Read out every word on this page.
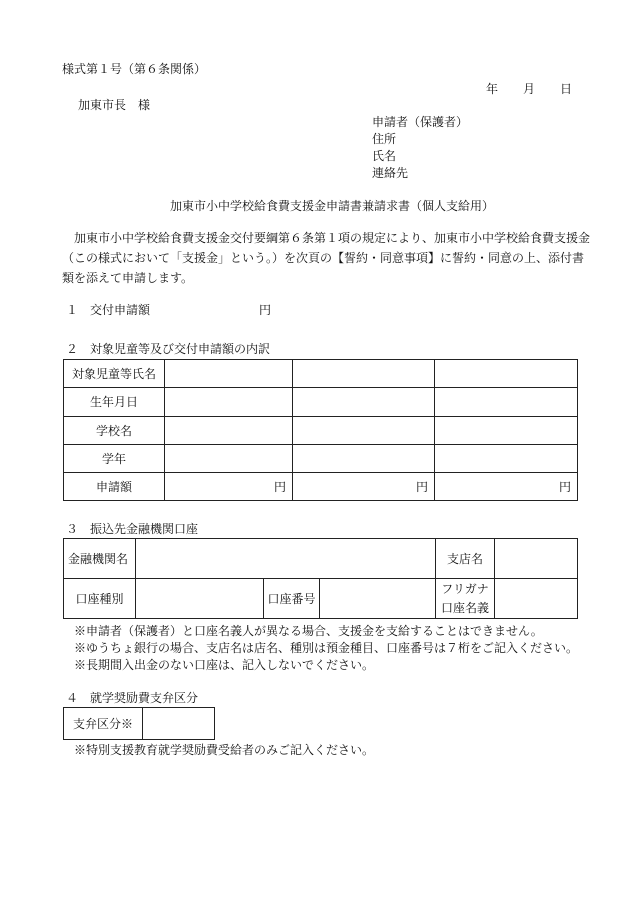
様式第１号（第６条関係）
年 月 日
加東市長　様
申請者（保護者）
住所
氏名
連絡先
加東市小中学校給食費支援金申請書兼請求書（個人支給用）
加東市小中学校給食費支援金交付要綱第６条第１項の規定により、加東市小中学校給食費支援金（この様式において「支援金」という。）を次頁の【誓約・同意事項】に誓約・同意の上、添付書類を添えて申請します。
１　交付申請額	円
２　対象児童等及び交付申請額の内訳
対象児童等氏名			
生年月日			
学校名			
学年			
申請額	円	円	円
３　振込先金融機関口座
金融機関名				支店名	
口座種別		口座番号		フリガナ
口座名義	

※申請者（保護者）と口座名義人が異なる場合、支援金を支給することはできません。
※ゆうちょ銀行の場合、支店名は店名、種別は預金種目、口座番号は７桁をご記入ください。
※長期間入出金のない口座は、記入しないでください。
４　就学奨励費支弁区分
支弁区分※	
※特別支援教育就学奨励費受給者のみご記入ください。
